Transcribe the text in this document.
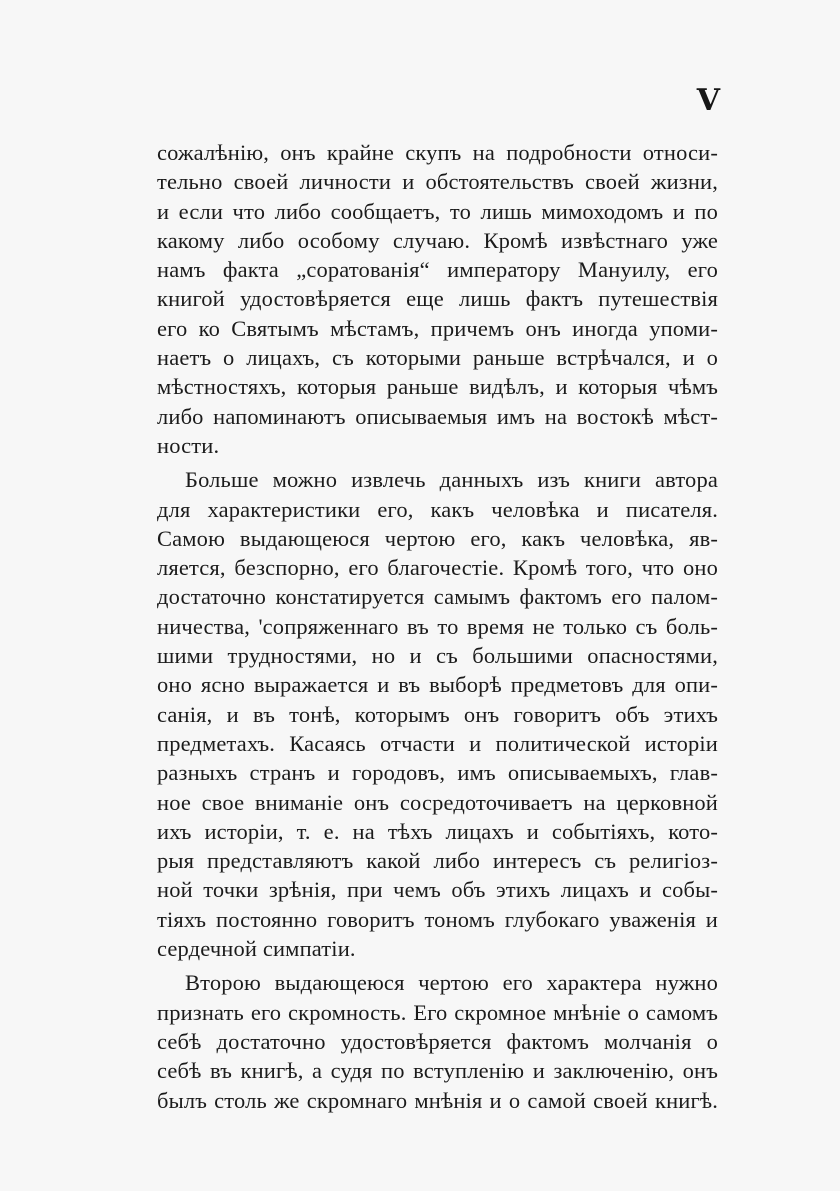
V
сожалѣнію, онъ крайне скупъ на подробности относи-
тельно своей личности и обстоятельствъ своей жизни,
и если что либо сообщаетъ, то лишь мимоходомъ и по
какому либо особому случаю. Кромѣ извѣстнаго уже
намъ факта „соратованія“ императору Мануилу, его
книгой удостовѣряется еще лишь фактъ путешествія
его ко Святымъ мѣстамъ, причемъ онъ иногда упоми-
наетъ о лицахъ, съ которыми раньше встрѣчался, и о
мѣстностяхъ, которыя раньше видѣлъ, и которыя чѣмъ
либо напоминаютъ описываемыя имъ на востокѣ мѣст-
ности.
Больше можно извлечь данныхъ изъ книги автора
для характеристики его, какъ человѣка и писателя.
Самою выдающеюся чертою его, какъ человѣка, яв-
ляется, безспорно, его благочестіе. Кромѣ того, что оно
достаточно констатируется самымъ фактомъ его палом-
ничества, 'сопряженнаго въ то время не только съ боль-
шими трудностями, но и съ большими опасностями,
оно ясно выражается и въ выборѣ предметовъ для опи-
санія, и въ тонѣ, которымъ онъ говоритъ объ этихъ
предметахъ. Касаясь отчасти и политической исторіи
разныхъ странъ и городовъ, имъ описываемыхъ, глав-
ное свое вниманіе онъ сосредоточиваетъ на церковной
ихъ исторіи, т. е. на тѣхъ лицахъ и событіяхъ, кото-
рыя представляютъ какой либо интересъ съ религіоз-
ной точки зрѣнія, при чемъ объ этихъ лицахъ и собы-
тіяхъ постоянно говоритъ тономъ глубокаго уваженія и
сердечной симпатіи.
Второю выдающеюся чертою его характера нужно
признать его скромность. Его скромное мнѣніе о самомъ
себѣ достаточно удостовѣряется фактомъ молчанія о
себѣ въ книгѣ, а судя по вступленію и заключенію, онъ
былъ столь же скромнаго мнѣнія и о самой своей книгѣ.
